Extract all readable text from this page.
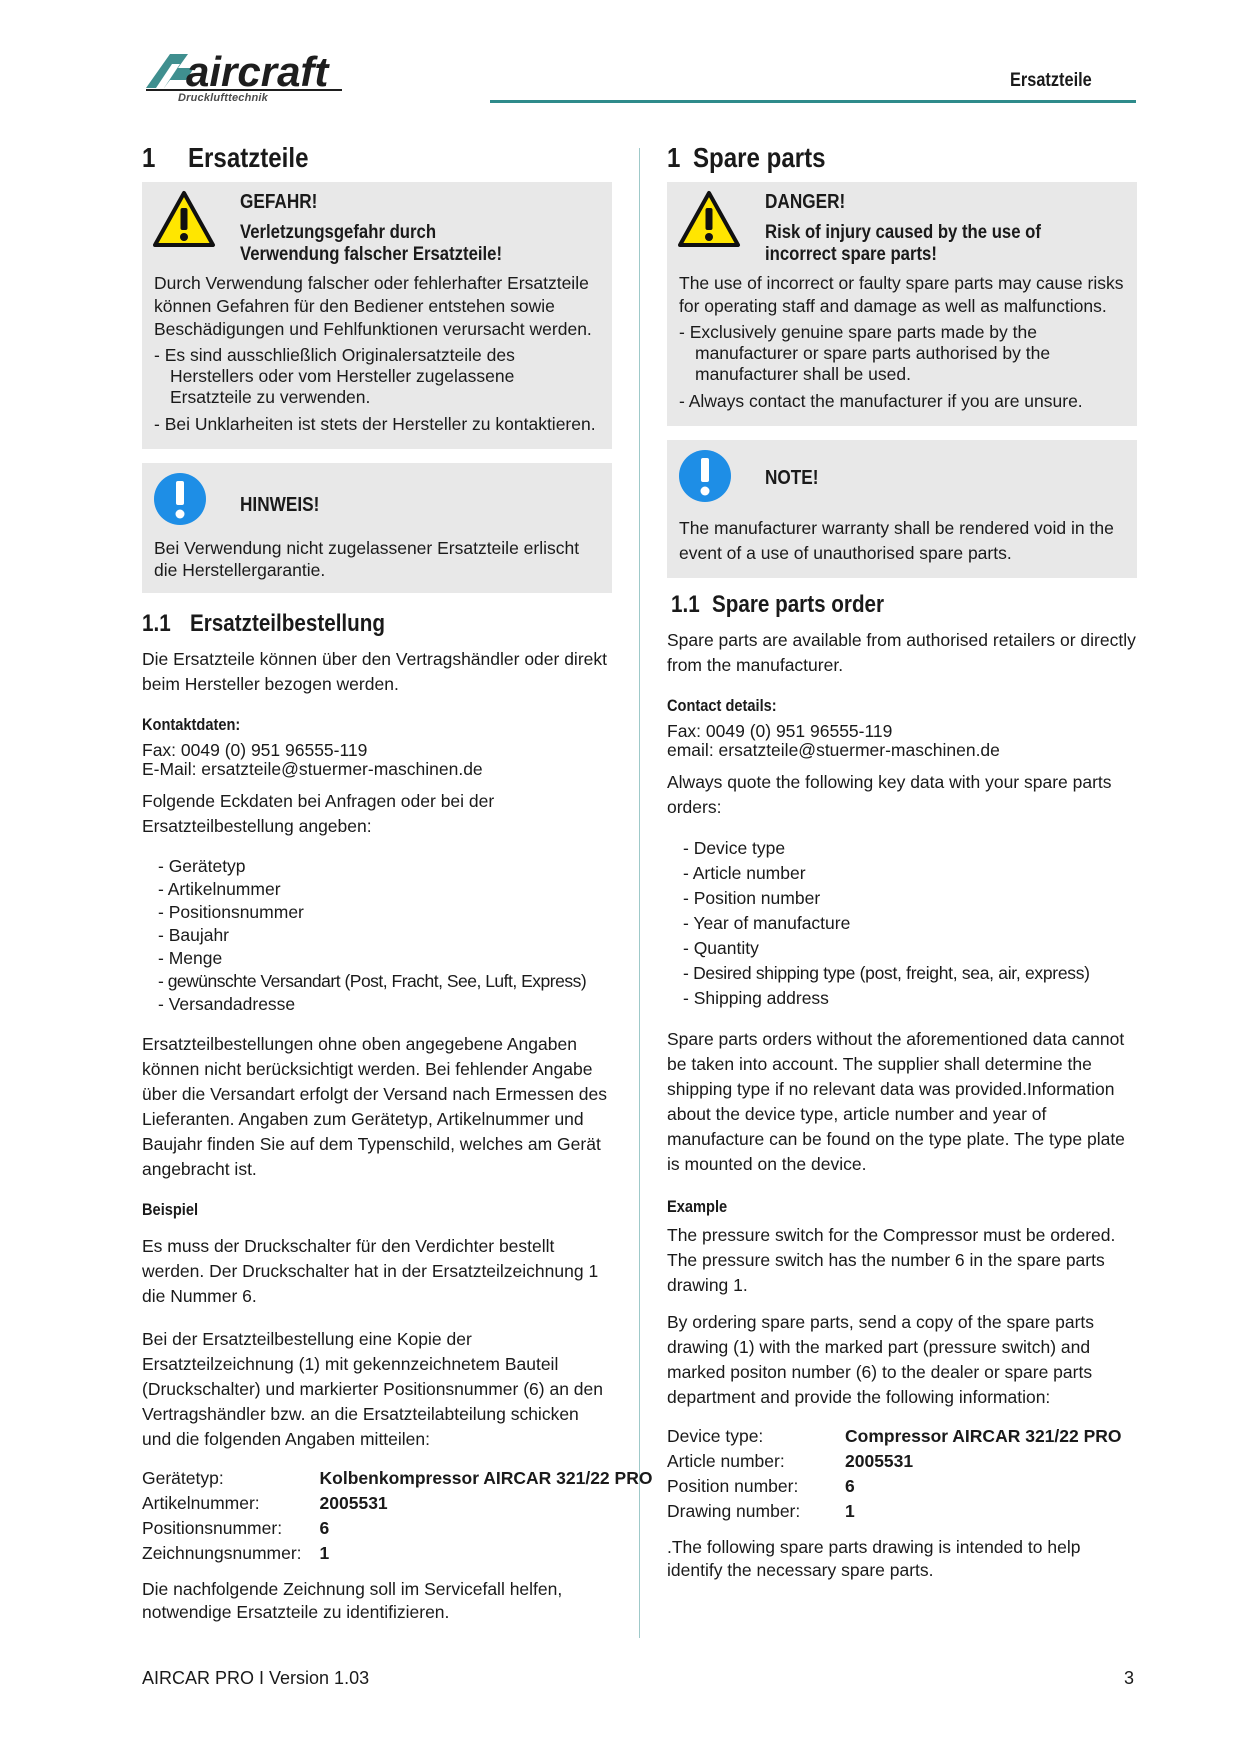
aircraft
Drucklufttechnik
Ersatzteile
1 Ersatzteile
GEFAHR!
Verletzungsgefahr durch Verwendung falscher Ersatzteile!

Durch Verwendung falscher oder fehlerhafter Ersatzteile können Gefahren für den Bediener entstehen sowie Beschädigungen und Fehlfunktionen verursacht werden.

- Es sind ausschließlich Originalersatzteile des Herstellers oder vom Hersteller zugelassene Ersatzteile zu verwenden.
- Bei Unklarheiten ist stets der Hersteller zu kontaktieren.
HINWEIS!

Bei Verwendung nicht zugelassener Ersatzteile erlischt die Herstellergarantie.

1.1 Ersatzteilbestellung

Die Ersatzteile können über den Vertragshändler oder direkt beim Hersteller bezogen werden.

Kontaktdaten:
Fax: 0049 (0) 951 96555-119
E-Mail: ersatzteile@stuermer-maschinen.de

Folgende Eckdaten bei Anfragen oder bei der Ersatzteilbestellung angeben:

- Gerätetyp
- Artikelnummer
- Positionsnummer
- Baujahr
- Menge
- gewünschte Versandart (Post, Fracht, See, Luft, Express)
- Versandadresse

Ersatzteilbestellungen ohne oben angegebene Angaben können nicht berücksichtigt werden. Bei fehlender Angabe über die Versandart erfolgt der Versand nach Ermessen des Lieferanten. Angaben zum Gerätetyp, Artikelnummer und Baujahr finden Sie auf dem Typenschild, welches am Gerät angebracht ist.

Beispiel

Es muss der Druckschalter für den Verdichter bestellt werden. Der Druckschalter hat in der Ersatzteilzeichnung 1 die Nummer 6.

Bei der Ersatzteilbestellung eine Kopie der Ersatzteilzeichnung (1) mit gekennzeichnetem Bauteil (Druckschalter) und markierter Positionsnummer (6) an den Vertragshändler bzw. an die Ersatzteilabteilung schicken und die folgenden Angaben mitteilen:

Gerätetyp:	Kolbenkompressor AIRCAR 321/22 PRO
Artikelnummer:	2005531
Positionsnummer:	6
Zeichnungsnummer:	1

Die nachfolgende Zeichnung soll im Servicefall helfen, notwendige Ersatzteile zu identifizieren.

1 Spare parts
DANGER!
Risk of injury caused by the use of incorrect spare parts!

The use of incorrect or faulty spare parts may cause risks for operating staff and damage as well as malfunctions.

- Exclusively genuine spare parts made by the manufacturer or spare parts authorised by the manufacturer shall be used.
- Always contact the manufacturer if you are unsure.
NOTE!

The manufacturer warranty shall be rendered void in the event of a use of unauthorised spare parts.

1.1 Spare parts order

Spare parts are available from authorised retailers or directly from the manufacturer.

Contact details:
Fax: 0049 (0) 951 96555-119
email: ersatzteile@stuermer-maschinen.de

Always quote the following key data with your spare parts orders:

- Device type
- Article number
- Position number
- Year of manufacture
- Quantity
- Desired shipping type (post, freight, sea, air, express)
- Shipping address

Spare parts orders without the aforementioned data cannot be taken into account. The supplier shall determine the shipping type if no relevant data was provided.Information about the device type, article number and year of manufacture can be found on the type plate. The type plate is mounted on the device.

Example

The pressure switch for the Compressor must be ordered. The pressure switch has the number 6 in the spare parts drawing 1.

By ordering spare parts, send a copy of the spare parts drawing (1) with the marked part (pressure switch) and marked positon number (6) to the dealer or spare parts department and provide the following information:

Device type:	Compressor AIRCAR 321/22 PRO
Article number:	2005531
Position number:	6
Drawing number:	1

.The following spare parts drawing is intended to help identify the necessary spare parts.

AIRCAR PRO I Version 1.03	3
